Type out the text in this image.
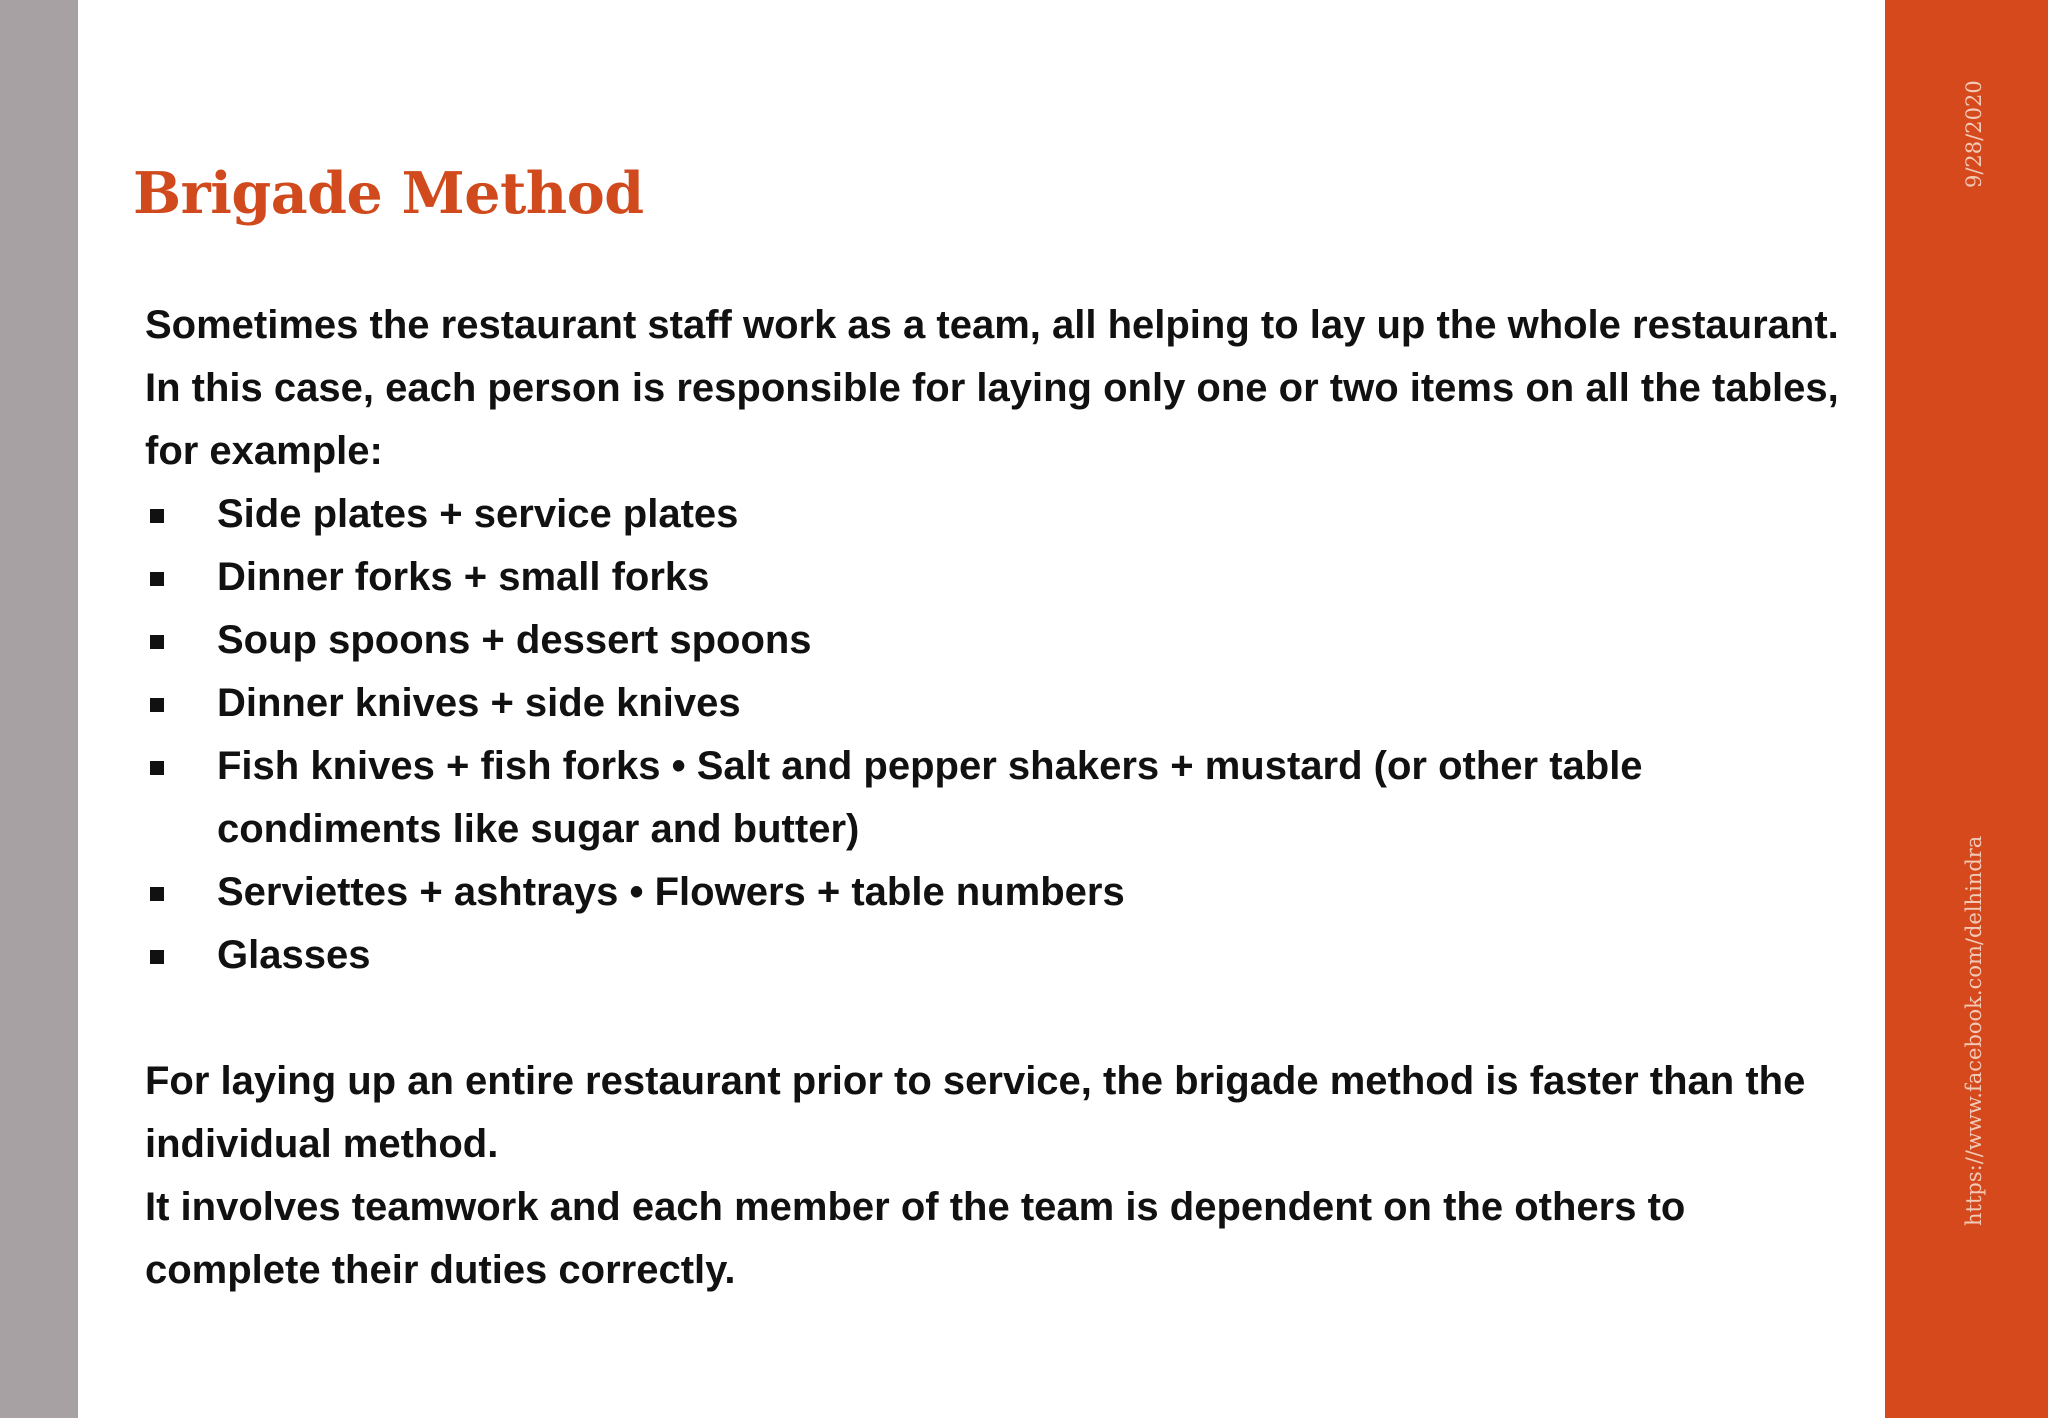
9/28/2020
https://www.facebook.com/delhindra
Brigade Method

Sometimes the restaurant staff work as a team, all helping to lay up the whole restaurant.

In this case, each person is responsible for laying only one or two items on all the tables, for example:

Side plates + service plates
Dinner forks + small forks
Soup spoons + dessert spoons
Dinner knives + side knives
Fish knives + fish forks • Salt and pepper shakers + mustard (or other table condiments like sugar and butter)
Serviettes + ashtrays • Flowers + table numbers
Glasses

For laying up an entire restaurant prior to service, the brigade method is faster than the individual method.

It involves teamwork and each member of the team is dependent on the others to complete their duties correctly.
